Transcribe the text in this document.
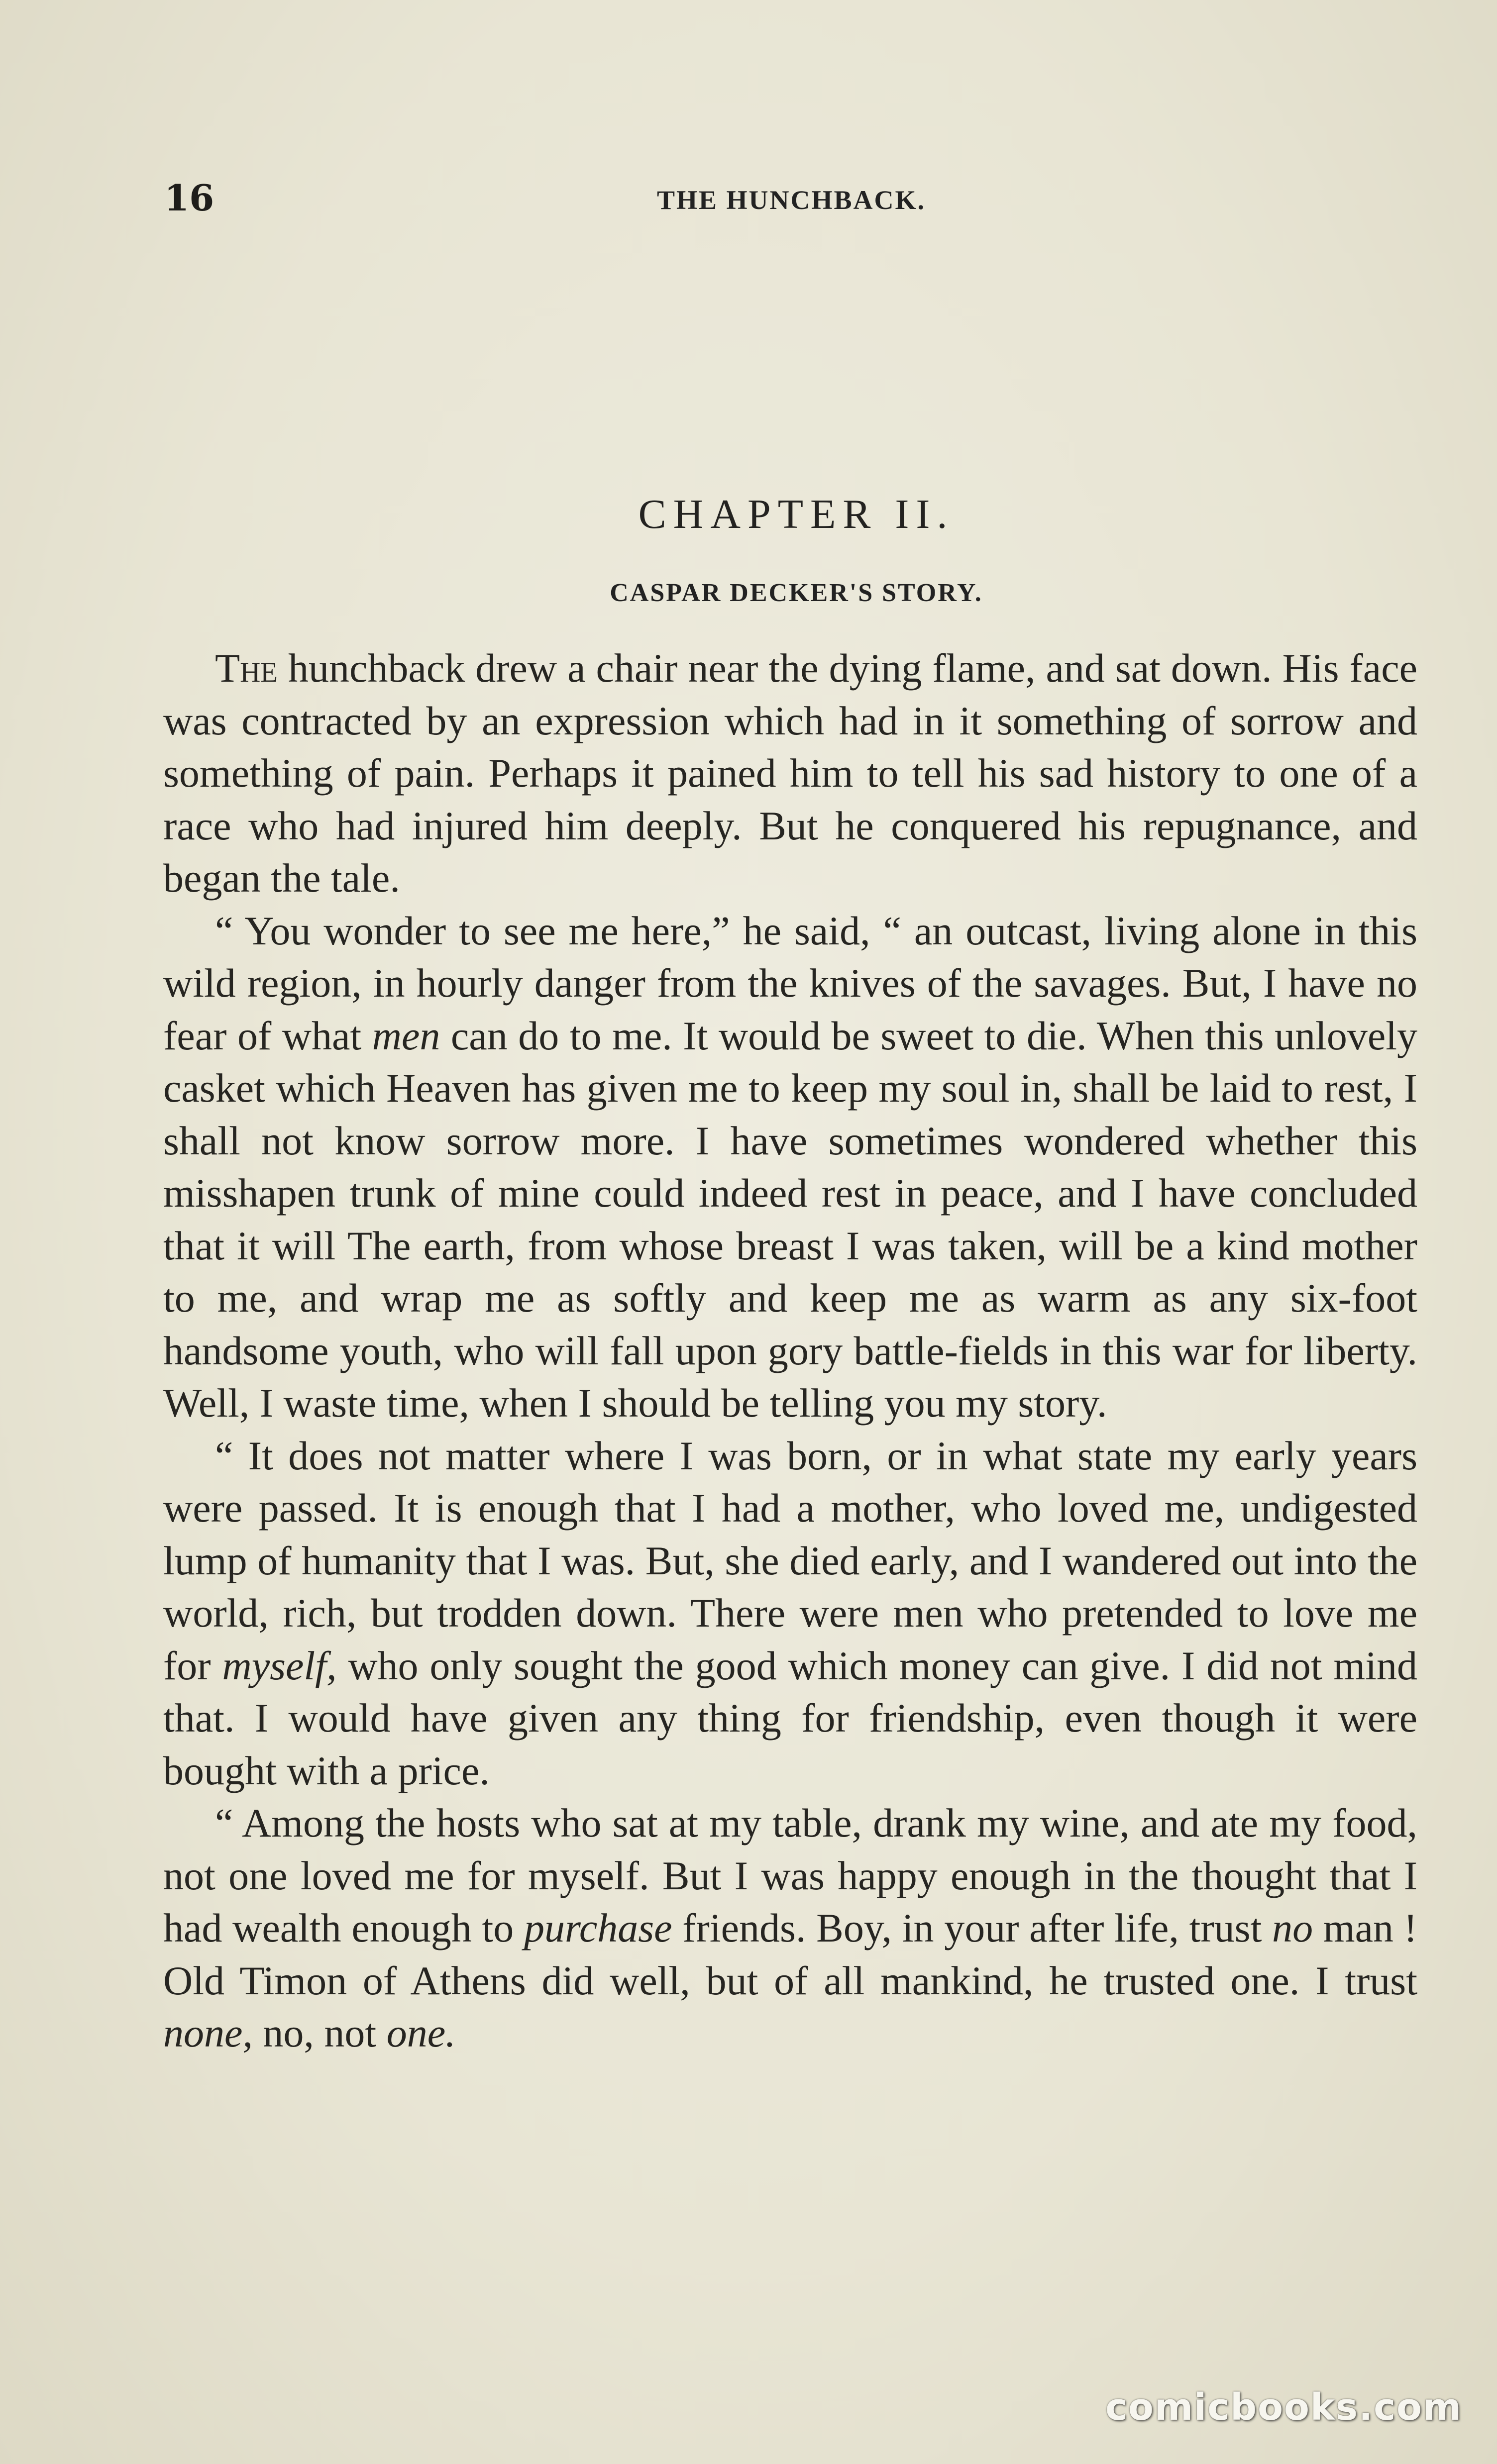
16	THE HUNCHBACK.
CHAPTER II.
CASPAR DECKER'S STORY.

The hunchback drew a chair near the dying flame, and sat down. His face was contracted by an expression which had in it something of sorrow and something of pain. Perhaps it pained him to tell his sad history to one of a race who had injured him deeply. But he conquered his repugnance, and began the tale.

“ You wonder to see me here,” he said, “ an outcast, living alone in this wild region, in hourly danger from the knives of the savages. But, I have no fear of what men can do to me. It would be sweet to die. When this unlovely casket which Heaven has given me to keep my soul in, shall be laid to rest, I shall not know sorrow more. I have sometimes wondered whether this misshapen trunk of mine could indeed rest in peace, and I have concluded that it will The earth, from whose breast I was taken, will be a kind mother to me, and wrap me as softly and keep me as warm as any six-foot handsome youth, who will fall upon gory battle-fields in this war for liberty. Well, I waste time, when I should be telling you my story.

“ It does not matter where I was born, or in what state my early years were passed. It is enough that I had a mother, who loved me, undigested lump of humanity that I was. But, she died early, and I wandered out into the world, rich, but trodden down. There were men who pretended to love me for myself, who only sought the good which money can give. I did not mind that. I would have given any thing for friendship, even though it were bought with a price.

“ Among the hosts who sat at my table, drank my wine, and ate my food, not one loved me for myself. But I was happy enough in the thought that I had wealth enough to purchase friends. Boy, in your after life, trust no man ! Old Timon of Athens did well, but of all mankind, he trusted one. I trust none, no, not one.

comicbooks.com
